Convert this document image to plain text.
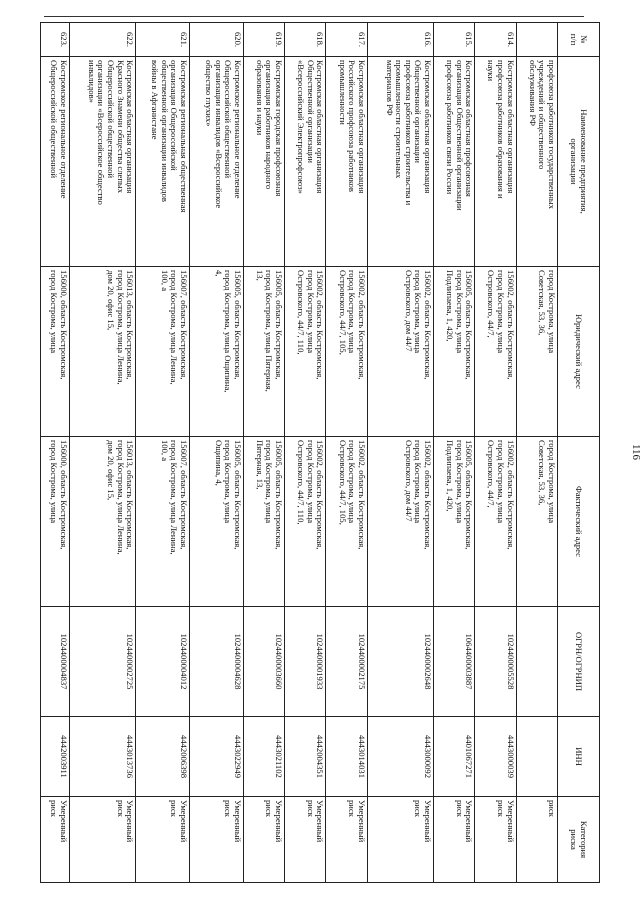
116
№
п/п	Наименование предприятия,
организации	Юридический адрес	Фактический адрес	ОГРН/ОГРНИП	ИНН	Категория
риска
	профсоюза работников государственных
учреждений и общественного
обслуживания РФ	город Кострома, улица
Советская, 53, 36,	город Кострома, улица
Советская, 53, 36,			риск
614.	Костромская областная организация
профсоюза работников образования и
науки	156002, область Костромская,
город Кострома, улица
Островского, 44/7,	156002, область Костромская,
город Кострома, улица
Островского, 44/7,	1024400005528	4443000039	Умеренный
риск
615.	Костромская областная профсоюзная
организация Общественной организации
профсоюза работников связи России	156005, область Костромская,
город Кострома, улица
Подлипаева, 1, 420,	156005, область Костромская,
город Кострома, улица
Подлипаева, 1, 420,	1064400003887	4401067271	Умеренный
риск
616.	Костромская областная организация
Общественной организации
профсоюза работников строительства и
промышленности строительных
материалов РФ	156002, область Костромская,
город Кострома, улица
Островского, дом 44/7	156002, область Костромская,
город Кострома, улица
Островского, дом 44/7	1024400002648	4443000092	Умеренный
риск
617.	Костромская областная организация
Российского профсоюза работников
промышленности	156002, область Костромская,
город Кострома, улица
Островского, 44/7, 105,	156002, область Костромская,
город Кострома, улица
Островского, 44/7, 105,	1024400002175	4443014031	Умеренный
риск
618.	Костромская областная организация
Общественной организации
«Всероссийский Электропрофсоюз»	156002, область Костромская,
город Кострома, улица
Островского, 44/7, 110,	156002, область Костромская,
город Кострома, улица
Островского, 44/7, 110,	1024400001933	4442004351	Умеренный
риск
619.	Костромская городская профсоюзная
организация работников народного
образования и науки	156005, область Костромская,
город Кострома, улица Пятерная,
13,	156005, область Костромская,
город Кострома, улица
Пятерная, 13,	1024400003660	4443021102	Умеренный
риск
620.	Костромское региональное отделение
Общероссийской общественной
организации инвалидов «Всероссийское
общество глухих»	156005, область Костромская,
город Кострома, улица Ощипина,
4,	156005, область Костромская,
город Кострома, улица
Ощипина, 4,	1024400004628	4443022949	Умеренный
риск
621.	Костромская региональная общественная
организация Общероссийской
общественной организации инвалидов
войны в Афганистане	156007, область Костромская,
город Кострома, улица Ленина,
100, а	156007, область Костромская,
город Кострома, улица Ленина,
100, а	1024400004012	4442006398	Умеренный
риск
622.	Костромская областная организация
Красного Знамени общества слепых
Общероссийской общественной
организации «Всероссийское общество
инвалидов»	156013, область Костромская,
город Кострома, улица Ленина,
дом 20, офис 15,	156013, область Костромская,
город Кострома, улица Ленина,
дом 20, офис 15,	1024400002725	4443013736	Умеренный
риск
623.	Костромское региональное отделение
Общероссийской общественной	156000, область Костромская,
город Кострома, улица	156000, область Костромская,
город Кострома, улица	1024400004837	4442003911	Умеренный
риск
